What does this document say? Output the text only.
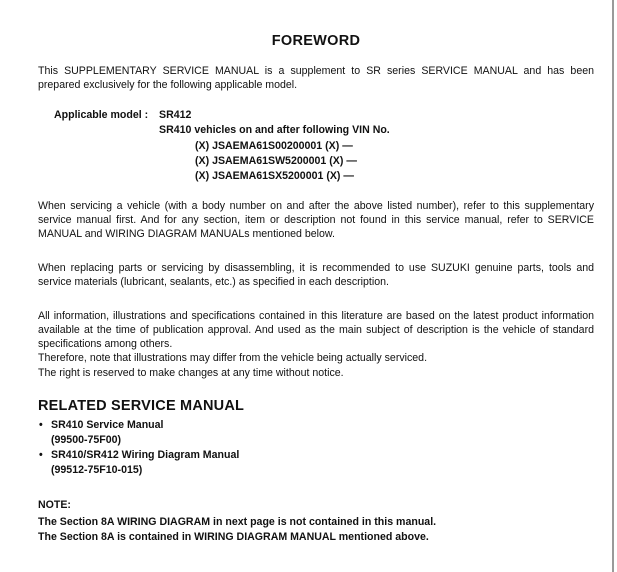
FOREWORD

This SUPPLEMENTARY SERVICE MANUAL is a supplement to SR series SERVICE MANUAL and has been prepared exclusively for the following applicable model.

Applicable model : SR412
SR410 vehicles on and after following VIN No.
(X) JSAEMA61S00200001 (X) —
(X) JSAEMA61SW5200001 (X) —
(X) JSAEMA61SX5200001 (X) —

When servicing a vehicle (with a body number on and after the above listed number), refer to this supplementary service manual first. And for any section, item or description not found in this service manual, refer to SERVICE MANUAL and WIRING DIAGRAM MANUALs mentioned below.

When replacing parts or servicing by disassembling, it is recommended to use SUZUKI genuine parts, tools and service materials (lubricant, sealants, etc.) as specified in each description.

All information, illustrations and specifications contained in this literature are based on the latest product information available at the time of publication approval. And used as the main subject of description is the vehicle of standard specifications among others.

Therefore, note that illustrations may differ from the vehicle being actually serviced.

The right is reserved to make changes at any time without notice.

RELATED SERVICE MANUAL
• SR410 Service Manual
(99500-75F00)
• SR410/SR412 Wiring Diagram Manual
(99512-75F10-015)
NOTE:
The Section 8A WIRING DIAGRAM in next page is not contained in this manual.
The Section 8A is contained in WIRING DIAGRAM MANUAL mentioned above.
